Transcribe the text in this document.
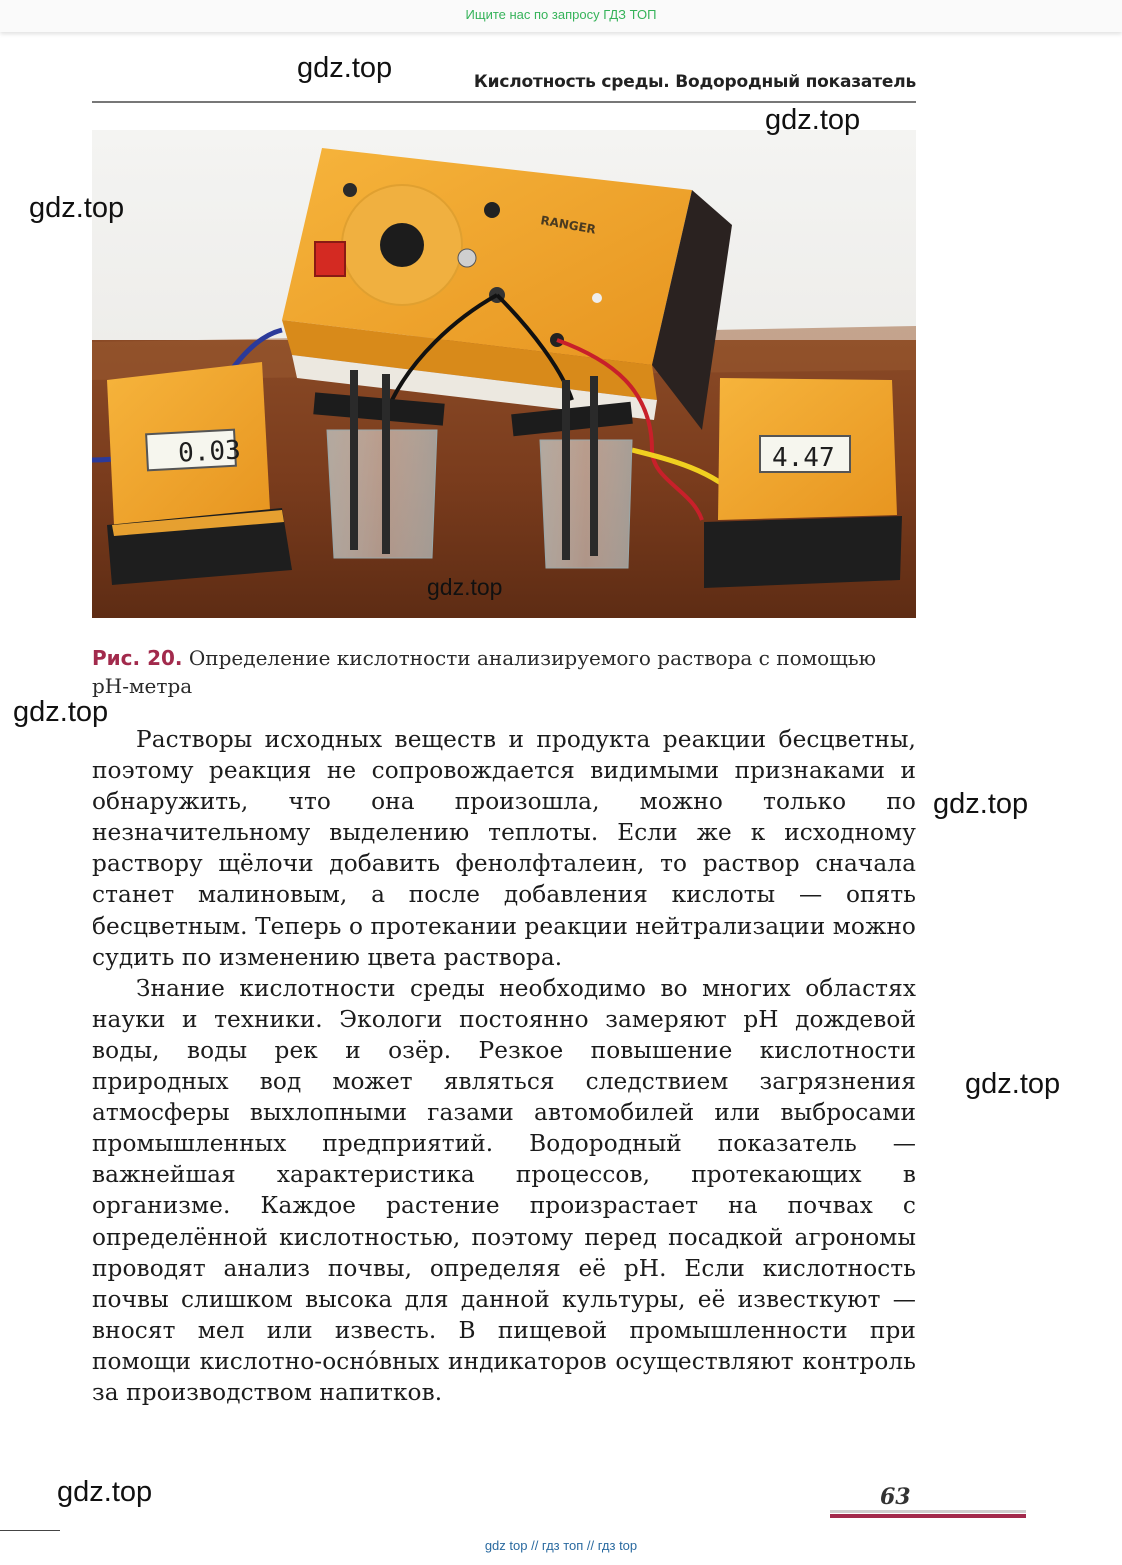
Ищите нас по запросу ГДЗ ТОП
Кислотность среды. Водородный показатель
RANGER
0.03	4.47
Рис. 20. Определение кислотности анализируемого раствора с помощью рН-метра

Растворы исходных веществ и продукта реакции бесцветны, поэтому реакция не сопровождается видимыми признаками и обнаружить, что она произошла, можно только по незначительному выделению теплоты. Если же к исходному раствору щёлочи добавить фенолфталеин, то раствор сначала станет малиновым, а после добавления кислоты — опять бесцветным. Теперь о протекании реакции нейтрализации можно судить по изменению цвета раствора.

Знание кислотности среды необходимо во многих областях науки и техники. Экологи постоянно замеряют рН дождевой воды, воды рек и озёр. Резкое повышение кислотности природных вод может являться следствием загрязнения атмосферы выхлопными газами автомобилей или выбросами промышленных предприятий. Водородный показатель — важнейшая характеристика процессов, протекающих в организме. Каждое растение произрастает на почвах с определённой кислотностью, поэтому перед посадкой агрономы проводят анализ почвы, определяя её рН. Если кислотность почвы слишком высока для данной культуры, её известкуют — вносят мел или известь. В пищевой промышленности при помощи кислотно-оснóвных индикаторов осуществляют контроль за производством напитков.

63
gdz.top
gdz.top
gdz.top
gdz.top
gdz.top
gdz.top
gdz.top
gdz.top
gdz top // гдз топ // гдз top
